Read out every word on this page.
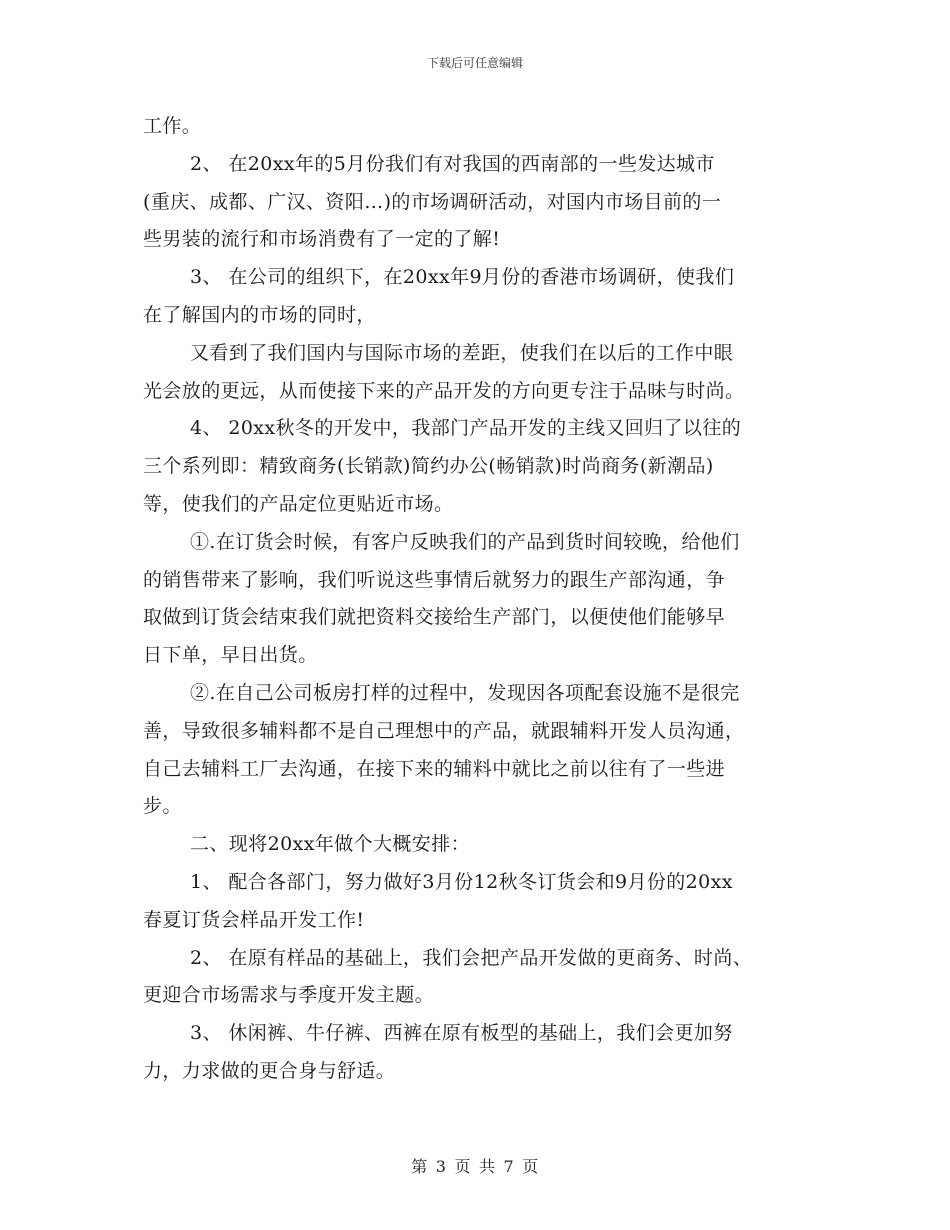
下载后可任意编辑
工作。
2、 在20xx年的5月份我们有对我国的西南部的一些发达城市
(重庆、成都、广汉、资阳…)的市场调研活动，对国内市场目前的一
些男装的流行和市场消费有了一定的了解!
3、 在公司的组织下，在20xx年9月份的香港市场调研，使我们
在了解国内的市场的同时，
又看到了我们国内与国际市场的差距，使我们在以后的工作中眼
光会放的更远，从而使接下来的产品开发的方向更专注于品味与时尚。
4、 20xx秋冬的开发中，我部门产品开发的主线又回归了以往的
三个系列即：精致商务(长销款)简约办公(畅销款)时尚商务(新潮品)
等，使我们的产品定位更贴近市场。
①.在订货会时候，有客户反映我们的产品到货时间较晚，给他们
的销售带来了影响，我们听说这些事情后就努力的跟生产部沟通，争
取做到订货会结束我们就把资料交接给生产部门，以便使他们能够早
日下单，早日出货。
②.在自己公司板房打样的过程中，发现因各项配套设施不是很完
善，导致很多辅料都不是自己理想中的产品，就跟辅料开发人员沟通，
自己去辅料工厂去沟通，在接下来的辅料中就比之前以往有了一些进
步。
二、现将20xx年做个大概安排：
1、 配合各部门，努力做好3月份12秋冬订货会和9月份的20xx
春夏订货会样品开发工作!
2、 在原有样品的基础上，我们会把产品开发做的更商务、时尚、
更迎合市场需求与季度开发主题。
3、 休闲裤、牛仔裤、西裤在原有板型的基础上，我们会更加努
力，力求做的更合身与舒适。
第 3 页 共 7 页
